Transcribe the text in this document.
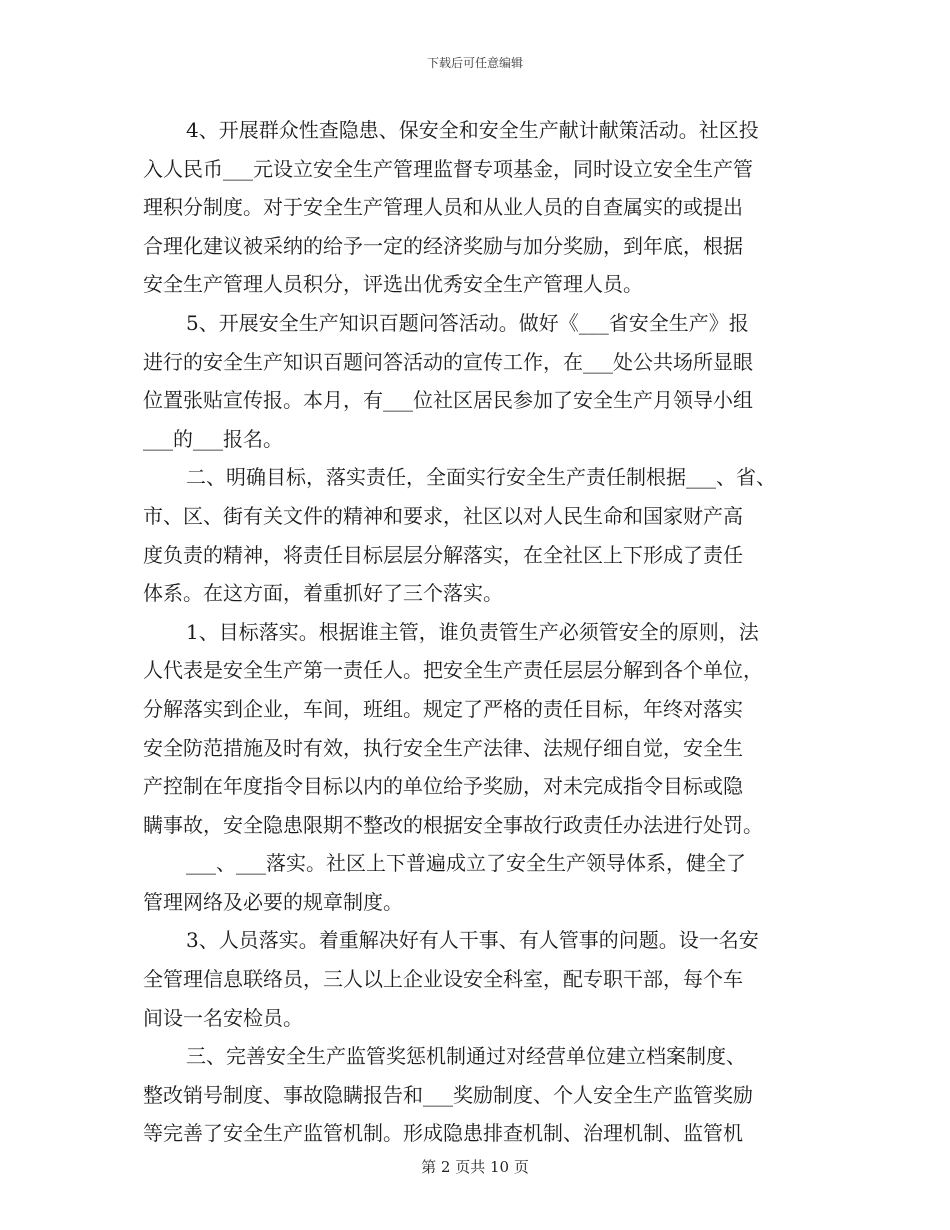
下载后可任意编辑
4、开展群众性查隐患、保安全和安全生产献计献策活动。社区投
入人民币___元设立安全生产管理监督专项基金，同时设立安全生产管
理积分制度。对于安全生产管理人员和从业人员的自查属实的或提出
合理化建议被采纳的给予一定的经济奖励与加分奖励，到年底，根据
安全生产管理人员积分，评选出优秀安全生产管理人员。
5、开展安全生产知识百题问答活动。做好《___省安全生产》报
进行的安全生产知识百题问答活动的宣传工作，在___处公共场所显眼
位置张贴宣传报。本月，有___位社区居民参加了安全生产月领导小组
___的___报名。
二、明确目标，落实责任，全面实行安全生产责任制根据___、省、
市、区、街有关文件的精神和要求，社区以对人民生命和国家财产高
度负责的精神，将责任目标层层分解落实，在全社区上下形成了责任
体系。在这方面，着重抓好了三个落实。
1、目标落实。根据谁主管，谁负责管生产必须管安全的原则，法
人代表是安全生产第一责任人。把安全生产责任层层分解到各个单位，
分解落实到企业，车间，班组。规定了严格的责任目标，年终对落实
安全防范措施及时有效，执行安全生产法律、法规仔细自觉，安全生
产控制在年度指令目标以内的单位给予奖励，对未完成指令目标或隐
瞒事故，安全隐患限期不整改的根据安全事故行政责任办法进行处罚。
___、___落实。社区上下普遍成立了安全生产领导体系，健全了
管理网络及必要的规章制度。
3、人员落实。着重解决好有人干事、有人管事的问题。设一名安
全管理信息联络员，三人以上企业设安全科室，配专职干部，每个车
间设一名安检员。
三、完善安全生产监管奖惩机制通过对经营单位建立档案制度、
整改销号制度、事故隐瞒报告和___奖励制度、个人安全生产监管奖励
等完善了安全生产监管机制。形成隐患排查机制、治理机制、监管机
第 2 页共 10 页
